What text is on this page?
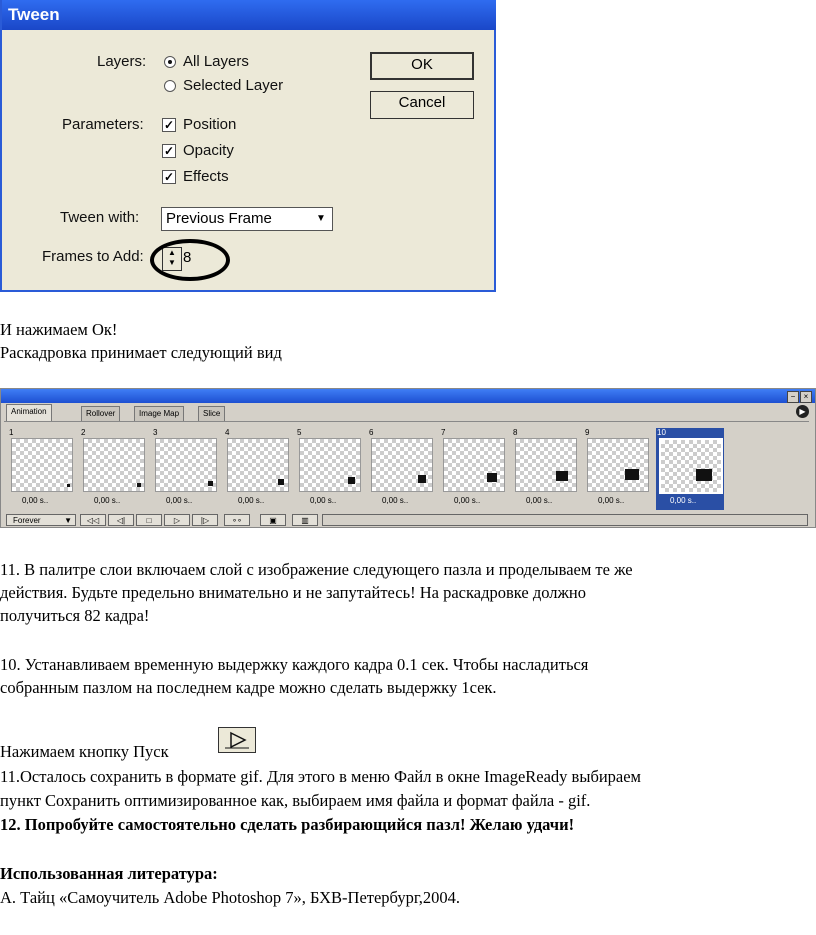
Tween
Layers: All Layers
Selected Layer
Parameters: ✓ Position
✓ Opacity
✓ Effects
Tween with:	Previous Frame	▼
Frames to Add:	▲
▼ 8
OK
Cancel
И нажимаем Ок!
Раскадровка принимает следующий вид
−	×
Animation	Rollover	Image Map	Slice	▶
1
0,00 s..
2
0,00 s..
3
0,00 s..
4
0,00 s..
5
0,00 s..
6
0,00 s..
7
0,00 s..
8
0,00 s..
9
0,00 s..
10
0,00 s..
Forever	▼	◁◁	◁|	□	▷	|▷	∘∘	▣	▥
11. В палитре слои включаем слой с изображение следующего пазла и проделываем те же
действия. Будьте предельно внимательно и не запутайтесь! На раскадровке должно
получиться 82 кадра!
10. Устанавливаем временную выдержку каждого кадра 0.1 сек. Чтобы насладиться
собранным пазлом на последнем кадре можно сделать выдержку 1сек.
Нажимаем кнопку Пуск
11.Осталось сохранить в формате gif. Для этого в меню Файл в окне ImageReady выбираем
пункт Сохранить оптимизированное как, выбираем имя файла и формат файла - gif.
12. Попробуйте самостоятельно сделать разбирающийся пазл! Желаю удачи!
Использованная литература:
А. Тайц «Самоучитель Adobe Photoshop 7», БХВ-Петербург,2004.
